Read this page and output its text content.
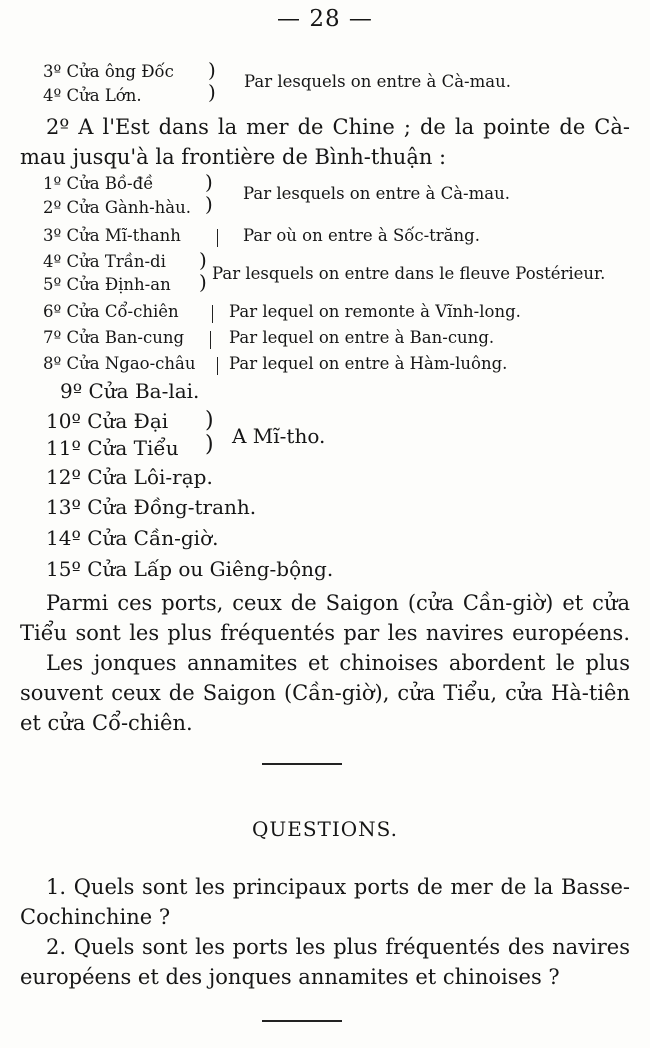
— 28 —
3º Cửa ông Đốc
4º Cửa Lớn.
)
) Par lesquels on entre à Cà-mau.
2º A l'Est dans la mer de Chine ; de la pointe de Cà-
mau jusqu'à la frontière de Bình-thuận :
1º Cửa Bồ-đề
2º Cửa Gành-hàu.
)
) Par lesquels on entre à Cà-mau.
3º Cửa Mĩ-thanh	Par où on entre à Sốc-trăng.
4º Cửa Trần-di
5º Cửa Định-an
)
) Par lesquels on entre dans le fleuve Postérieur.
6º Cửa Cổ-chiên	Par lequel on remonte à Vĩnh-long.
7º Cửa Ban-cung	Par lequel on entre à Ban-cung.
8º Cửa Ngao-châu Par lequel on entre à Hàm-luông.
9º Cửa Ba-lai.
10º Cửa Đại
11º Cửa Tiểu
)
) A Mĩ-tho.
12º Cửa Lôi-rạp.
13º Cửa Đồng-tranh.
14º Cửa Cần-giờ.
15º Cửa Lấp ou Giêng-bộng.
Parmi ces ports, ceux de Saigon (cửa Cần-giờ) et cửa
Tiểu sont les plus fréquentés par les navires européens.
Les jonques annamites et chinoises abordent le plus
souvent ceux de Saigon (Cần-giờ), cửa Tiểu, cửa Hà-tiên
et cửa Cổ-chiên.
QUESTIONS.
1. Quels sont les principaux ports de mer de la Basse-
Cochinchine ?
2. Quels sont les ports les plus fréquentés des navires
européens et des jonques annamites et chinoises ?
